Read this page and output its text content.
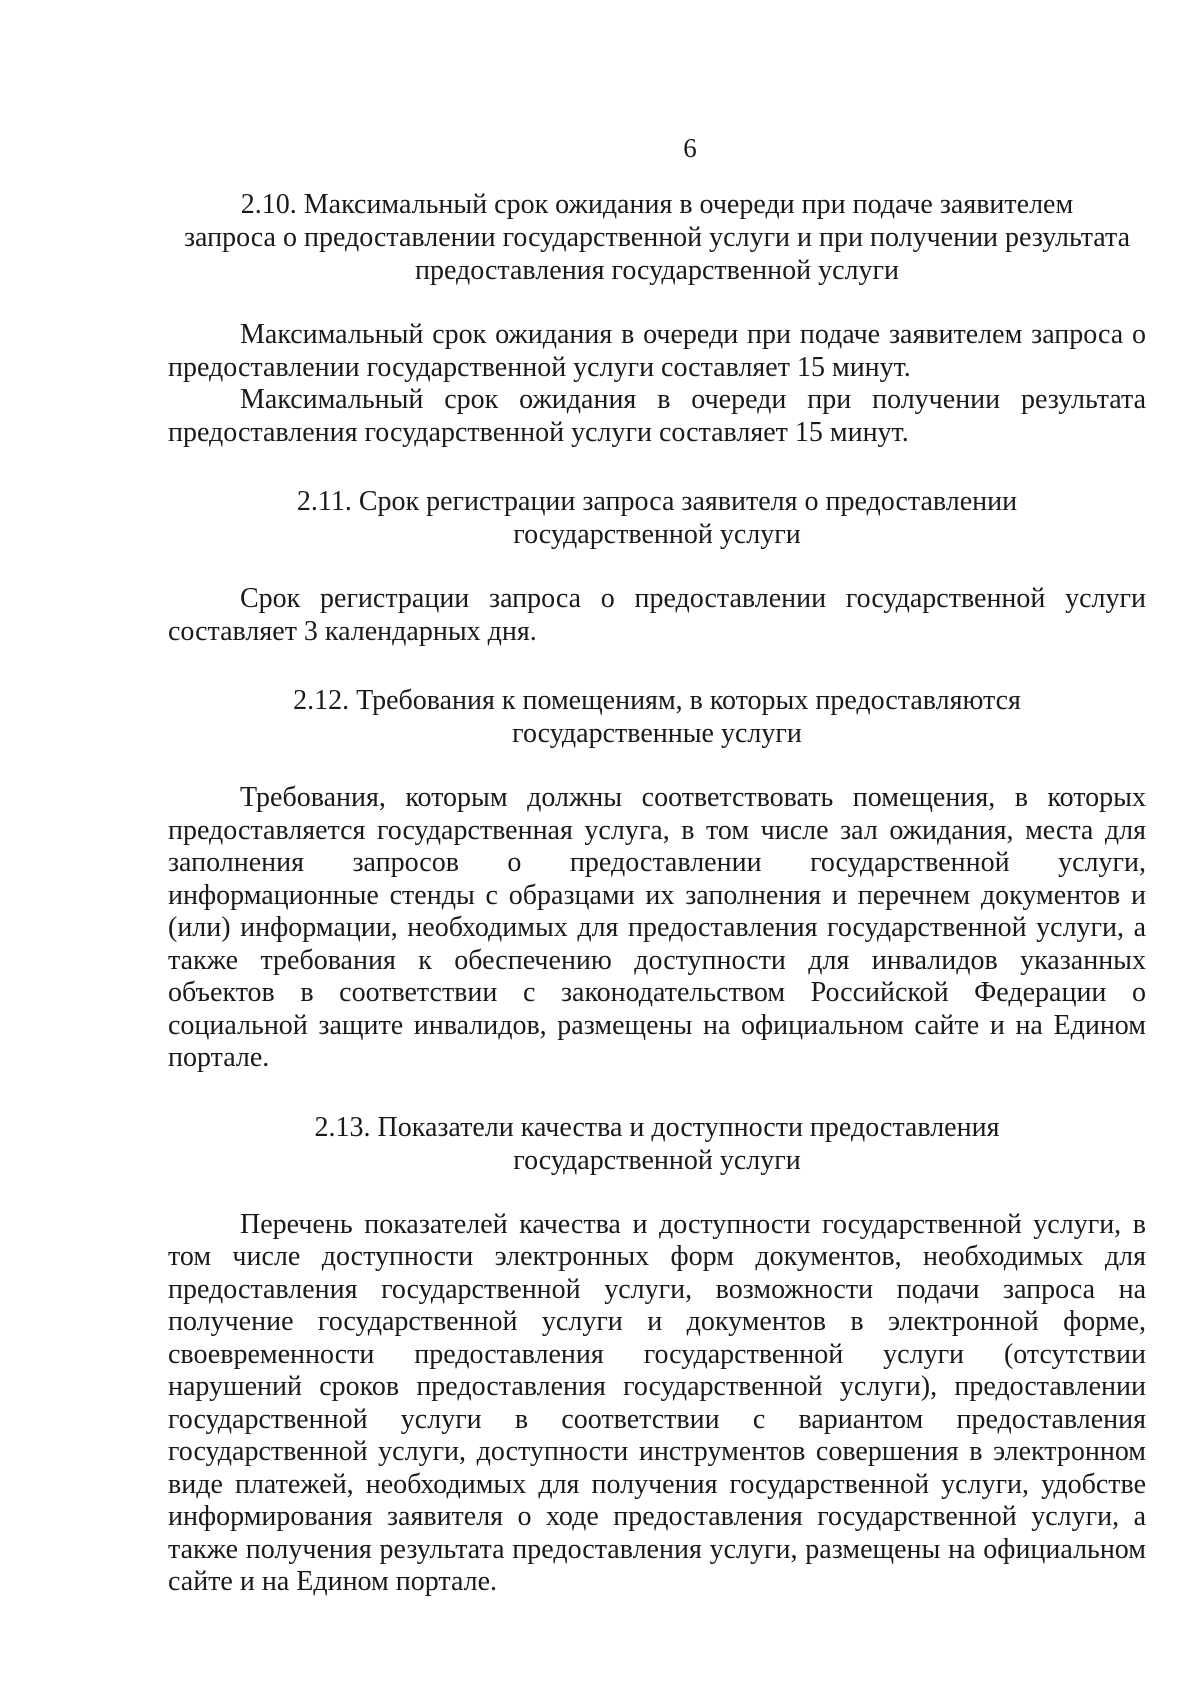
6
2.10. Максимальный срок ожидания в очереди при подаче заявителем
запроса о предоставлении государственной услуги и при получении результата
предоставления государственной услуги

Максимальный срок ожидания в очереди при подаче заявителем запроса о предоставлении государственной услуги составляет 15 минут.

Максимальный срок ожидания в очереди при получении результата предоставления государственной услуги составляет 15 минут.

2.11. Срок регистрации запроса заявителя о предоставлении
государственной услуги

Срок регистрации запроса о предоставлении государственной услуги составляет 3 календарных дня.

2.12. Требования к помещениям, в которых предоставляются
государственные услуги

Требования, которым должны соответствовать помещения, в которых предоставляется государственная услуга, в том числе зал ожидания, места для заполнения запросов о предоставлении государственной услуги, информационные стенды с образцами их заполнения и перечнем документов и (или) информации, необходимых для предоставления государственной услуги, а также требования к обеспечению доступности для инвалидов указанных объектов в соответствии с законодательством Российской Федерации о социальной защите инвалидов, размещены на официальном сайте и на Едином портале.

2.13. Показатели качества и доступности предоставления
государственной услуги

Перечень показателей качества и доступности государственной услуги, в том числе доступности электронных форм документов, необходимых для предоставления государственной услуги, возможности подачи запроса на получение государственной услуги и документов в электронной форме, своевременности предоставления государственной услуги (отсутствии нарушений сроков предоставления государственной услуги), предоставлении государственной услуги в соответствии с вариантом предоставления государственной услуги, доступности инструментов совершения в электронном виде платежей, необходимых для получения государственной услуги, удобстве информирования заявителя о ходе предоставления государственной услуги, а также получения результата предоставления услуги, размещены на официальном сайте и на Едином портале.
